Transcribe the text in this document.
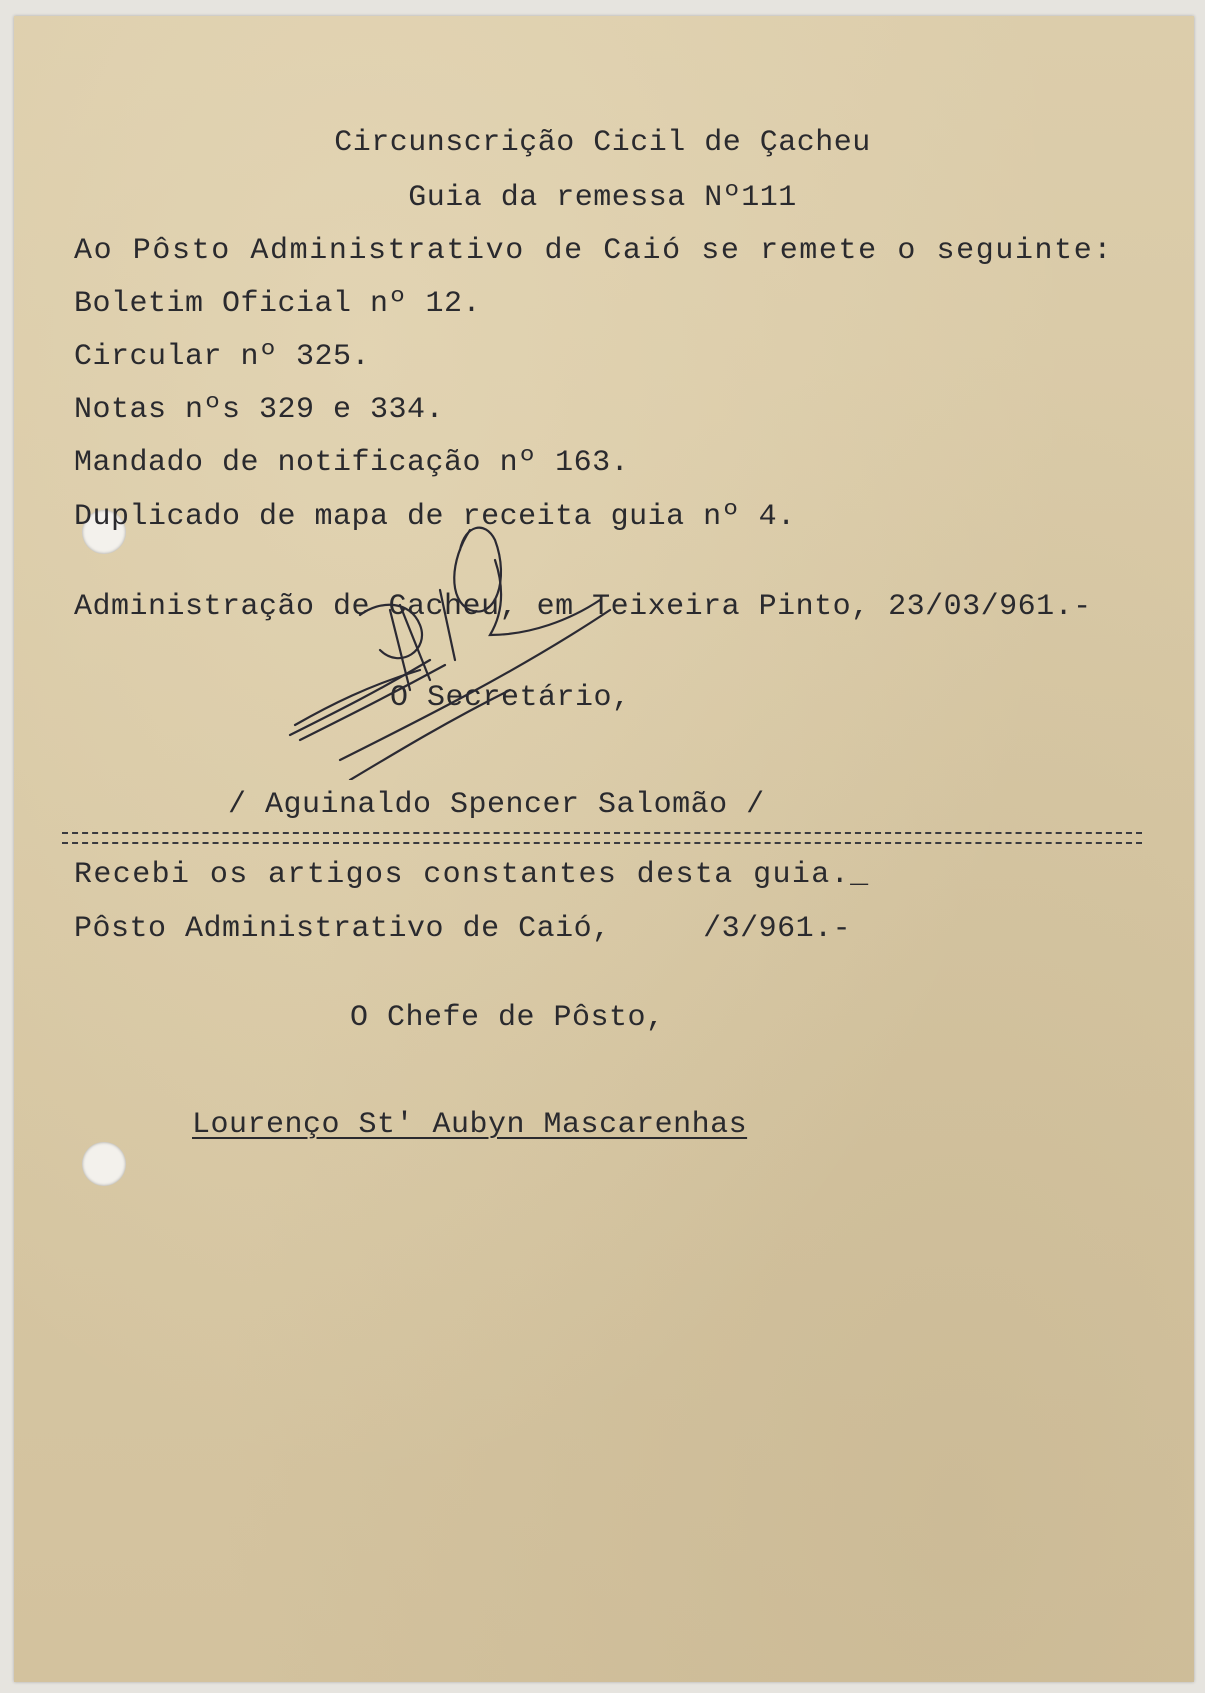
Circunscrição Cicil de Çacheu
Guia da remessa Nº111
Ao Pôsto Administrativo de Caió se remete o seguinte:
Boletim Oficial nº 12.
Circular nº 325.
Notas nºs 329 e 334.
Mandado de notificação nº 163.
Duplicado de mapa de receita guia nº 4.
Administração de Cacheu, em Teixeira Pinto, 23/03/961.-
O Secretário,
/ Aguinaldo Spencer Salomão /
Recebi os artigos constantes desta guia._
Pôsto Administrativo de Caió,     /3/961.-
O Chefe de Pôsto,
Lourenço St' Aubyn Mascarenhas
